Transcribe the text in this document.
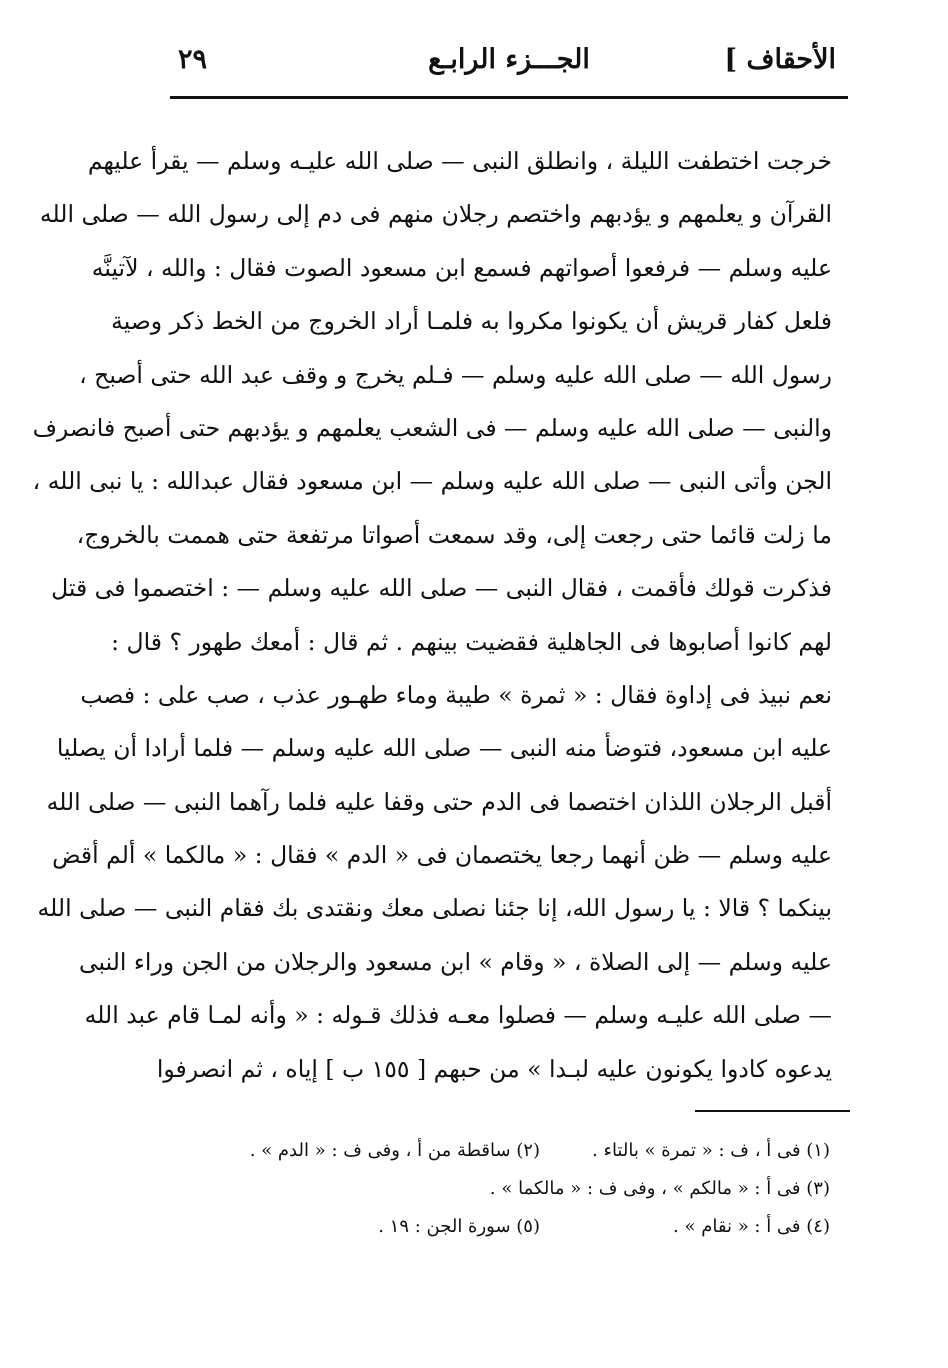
الأحقاف ]
الجـــزء الرابـع
٢٩
خرجت اختطفت الليلة ، وانطلق النبى — صلى الله عليـه وسلم — يقرأ عليهم
القرآن و يعلمهم و يؤدبهم واختصم رجلان منهم فى دم إلى رسول الله — صلى الله
عليه وسلم — فرفعوا أصواتهم فسمع ابن مسعود الصوت فقال : والله ، لآتينَّه
فلعل كفار قريش أن يكونوا مكروا به فلمـا أراد الخروج من الخط ذكر وصية
رسول الله — صلى الله عليه وسلم — فـلم يخرج و وقف عبد الله حتى أصبح ،
والنبى — صلى الله عليه وسلم — فى الشعب يعلمهم و يؤدبهم حتى أصبح فانصرف
الجن وأتى النبى — صلى الله عليه وسلم — ابن مسعود فقال عبدالله : يا نبى الله ،
ما زلت قائما حتى رجعت إلى، وقد سمعت أصواتا مرتفعة حتى هممت بالخروج،
فذكرت قولك فأقمت ، فقال النبى — صلى الله عليه وسلم — : اختصموا فى قتل
لهم كانوا أصابوها فى الجاهلية فقضيت بينهم . ثم قال : أمعك طهور ؟ قال :
نعم نبيذ فى إداوة فقال : « ثمرة » طيبة وماء طهـور عذب ، صب على : فصب
عليه ابن مسعود، فتوضأ منه النبى — صلى الله عليه وسلم — فلما أرادا أن يصليا
أقبل الرجلان اللذان اختصما فى الدم حتى وقفا عليه فلما رآهما النبى — صلى الله
عليه وسلم — ظن أنهما رجعا يختصمان فى « الدم » فقال : « مالكما » ألم أقض
بينكما ؟ قالا : يا رسول الله، إنا جئنا نصلى معك ونقتدى بك فقام النبى — صلى الله
عليه وسلم — إلى الصلاة ، « وقام » ابن مسعود والرجلان من الجن وراء النبى
— صلى الله عليـه وسلم — فصلوا معـه فذلك قـوله : « وأنه لمـا قام عبد الله
يدعوه كادوا يكونون عليه لبـدا » من حبهم [ ١٥٥ ب ] إياه ، ثم انصرفوا
(١) فى أ ، ف : « تمرة » بالتاء .
(٢) ساقطة من أ ، وفى ف : « الدم » .
(٣) فى أ : « مالكم » ، وفى ف : « مالكما » .
(٤) فى أ : « نقام » .
(٥) سورة الجن : ١٩ .
